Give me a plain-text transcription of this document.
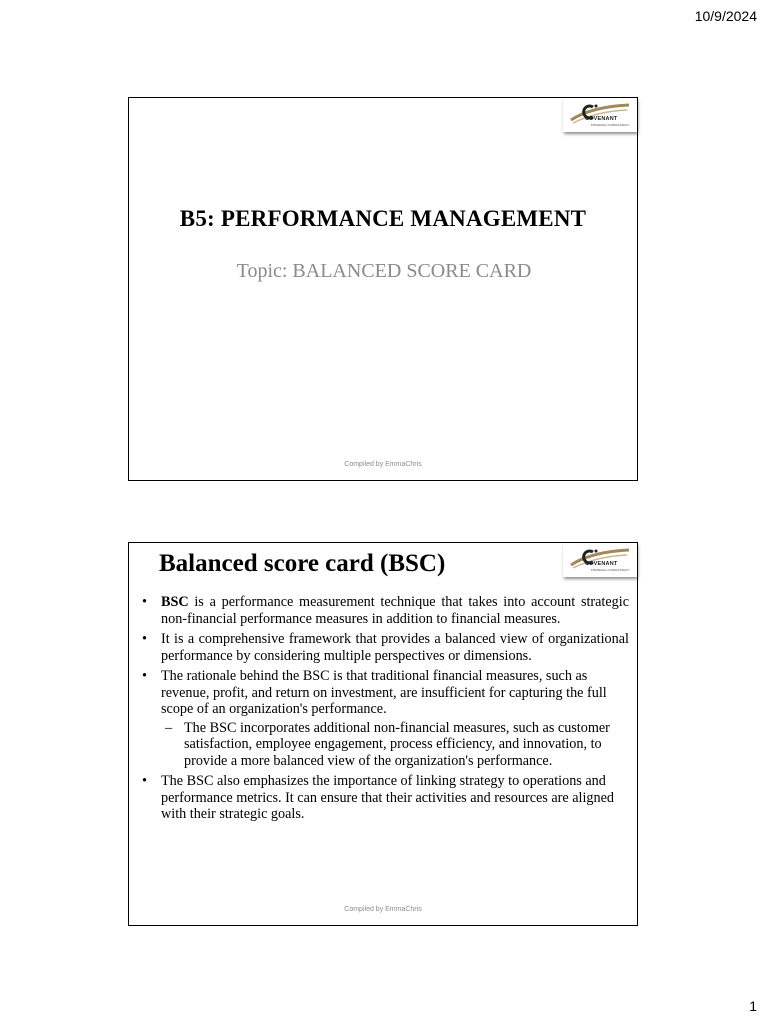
10/9/2024
COVENANT
FINANCIAL CONSULTANCY
B5: PERFORMANCE MANAGEMENT
Topic: BALANCED SCORE CARD
Compiled by EmmaChris
COVENANT
FINANCIAL CONSULTANCY
Balanced score card (BSC)
• BSC is a performance measurement technique that takes into account strategic non-financial performance measures in addition to financial measures.
• It is a comprehensive framework that provides a balanced view of organizational performance by considering multiple perspectives or dimensions.
• The rationale behind the BSC is that traditional financial measures, such as revenue, profit, and return on investment, are insufficient for capturing the full scope of an organization's performance.
– The BSC incorporates additional non-financial measures, such as customer satisfaction, employee engagement, process efficiency, and innovation, to provide a more balanced view of the organization's performance.
• The BSC also emphasizes the importance of linking strategy to operations and performance metrics. It can ensure that their activities and resources are aligned with their strategic goals.
Compiled by EmmaChris
1
